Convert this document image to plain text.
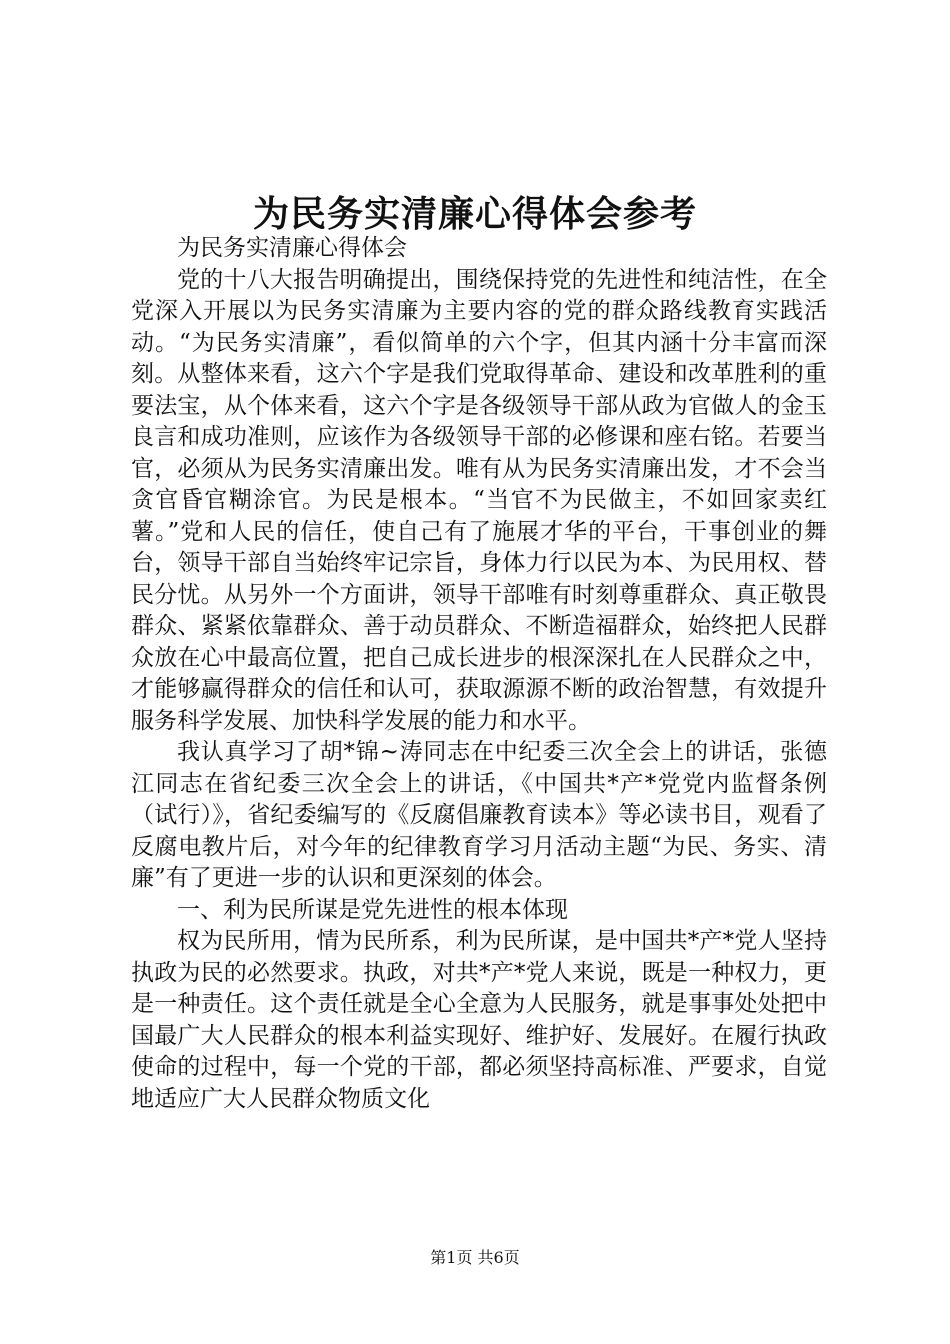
为民务实清廉心得体会参考

为民务实清廉心得体会

党的十八大报告明确提出，围绕保持党的先进性和纯洁性，在全党深入开展以为民务实清廉为主要内容的党的群众路线教育实践活动。“为民务实清廉”，看似简单的六个字，但其内涵十分丰富而深刻。从整体来看，这六个字是我们党取得革命、建设和改革胜利的重要法宝，从个体来看，这六个字是各级领导干部从政为官做人的金玉良言和成功准则，应该作为各级领导干部的必修课和座右铭。若要当官，必须从为民务实清廉出发。唯有从为民务实清廉出发，才不会当贪官昏官糊涂官。为民是根本。“当官不为民做主，不如回家卖红薯。”党和人民的信任，使自己有了施展才华的平台，干事创业的舞台，领导干部自当始终牢记宗旨，身体力行以民为本、为民用权、替民分忧。从另外一个方面讲，领导干部唯有时刻尊重群众、真正敬畏群众、紧紧依靠群众、善于动员群众、不断造福群众，始终把人民群众放在心中最高位置，把自己成长进步的根深深扎在人民群众之中，才能够赢得群众的信任和认可，获取源源不断的政治智慧，有效提升服务科学发展、加快科学发展的能力和水平。

我认真学习了胡*锦~涛同志在中纪委三次全会上的讲话，张德江同志在省纪委三次全会上的讲话，《中国共*产*党党内监督条例（试行）》，省纪委编写的《反腐倡廉教育读本》等必读书目，观看了反腐电教片后，对今年的纪律教育学习月活动主题“为民、务实、清廉”有了更进一步的认识和更深刻的体会。

一、利为民所谋是党先进性的根本体现

权为民所用，情为民所系，利为民所谋，是中国共*产*党人坚持执政为民的必然要求。执政，对共*产*党人来说，既是一种权力，更是一种责任。这个责任就是全心全意为人民服务，就是事事处处把中国最广大人民群众的根本利益实现好、维护好、发展好。在履行执政使命的过程中，每一个党的干部，都必须坚持高标准、严要求，自觉地适应广大人民群众物质文化

第1页 共6页
